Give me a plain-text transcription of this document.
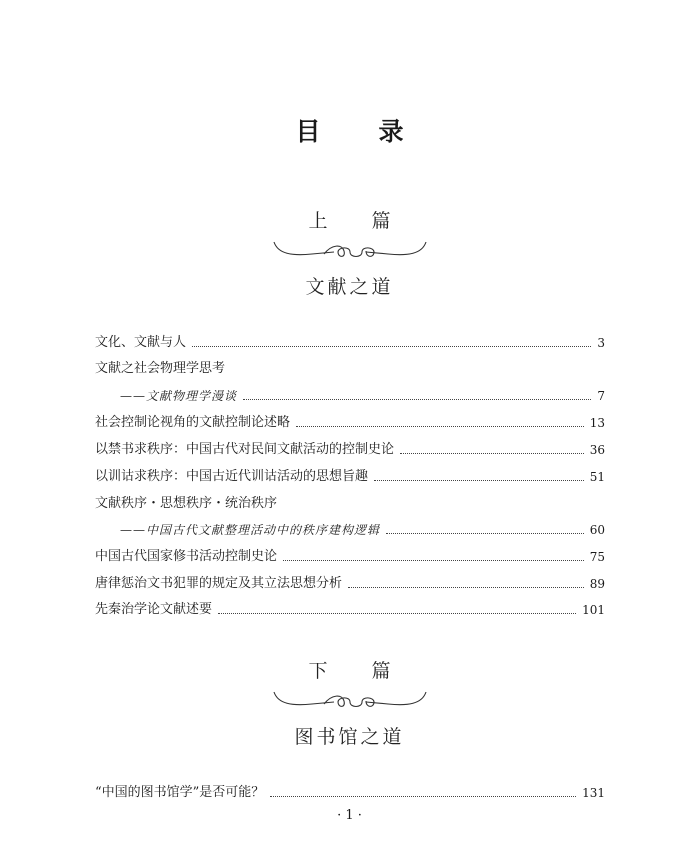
目录
上篇
文献之道
文化、文献与人	3
文献之社会物理学思考
——文献物理学漫谈	7
社会控制论视角的文献控制论述略	13
以禁书求秩序：中国古代对民间文献活动的控制史论	36
以训诂求秩序：中国古近代训诂活动的思想旨趣	51
文献秩序・思想秩序・统治秩序
——中国古代文献整理活动中的秩序建构逻辑	60
中国古代国家修书活动控制史论	75
唐律惩治文书犯罪的规定及其立法思想分析	89
先秦治学论文献述要	101
下篇
图书馆之道
“中国的图书馆学”是否可能？	131
· 1 ·
